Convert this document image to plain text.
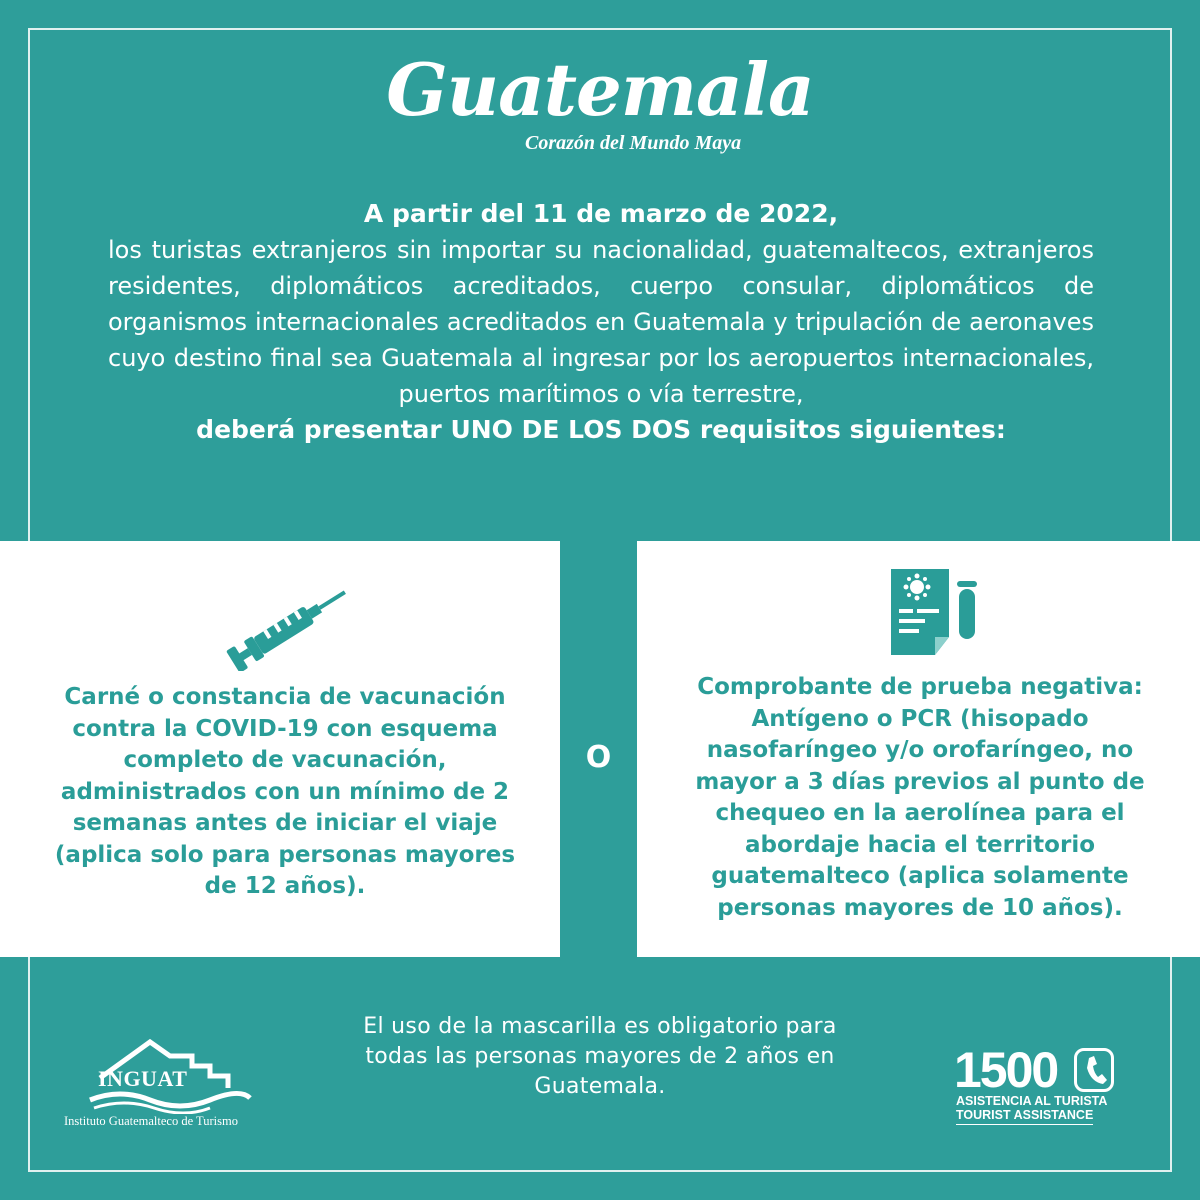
Guatemala
Corazón del Mundo Maya
A partir del 11 de marzo de 2022,
los turistas extranjeros sin importar su nacionalidad, guatemaltecos, extranjeros residentes, diplomáticos acreditados, cuerpo consular, diplomáticos de organismos internacionales acreditados en Guatemala y tripulación de aeronaves cuyo destino final sea Guatemala al ingresar por los aeropuertos internacionales, puertos marítimos o vía terrestre,
deberá presentar UNO DE LOS DOS requisitos siguientes:
Carné o constancia de vacunación contra la COVID-19 con esquema completo de vacunación, administrados con un mínimo de 2 semanas antes de iniciar el viaje (aplica solo para personas mayores de 12 años).
O
Comprobante de prueba negativa: Antígeno o PCR (hisopado nasofaríngeo y/o orofaríngeo, no mayor a 3 días previos al punto de chequeo en la aerolínea para el abordaje hacia el territorio guatemalteco (aplica solamente personas mayores de 10 años).
El uso de la mascarilla es obligatorio para todas las personas mayores de 2 años en Guatemala.
INGUAT
Instituto Guatemalteco de Turismo
1500
ASISTENCIA AL TURISTA
TOURIST ASSISTANCE
